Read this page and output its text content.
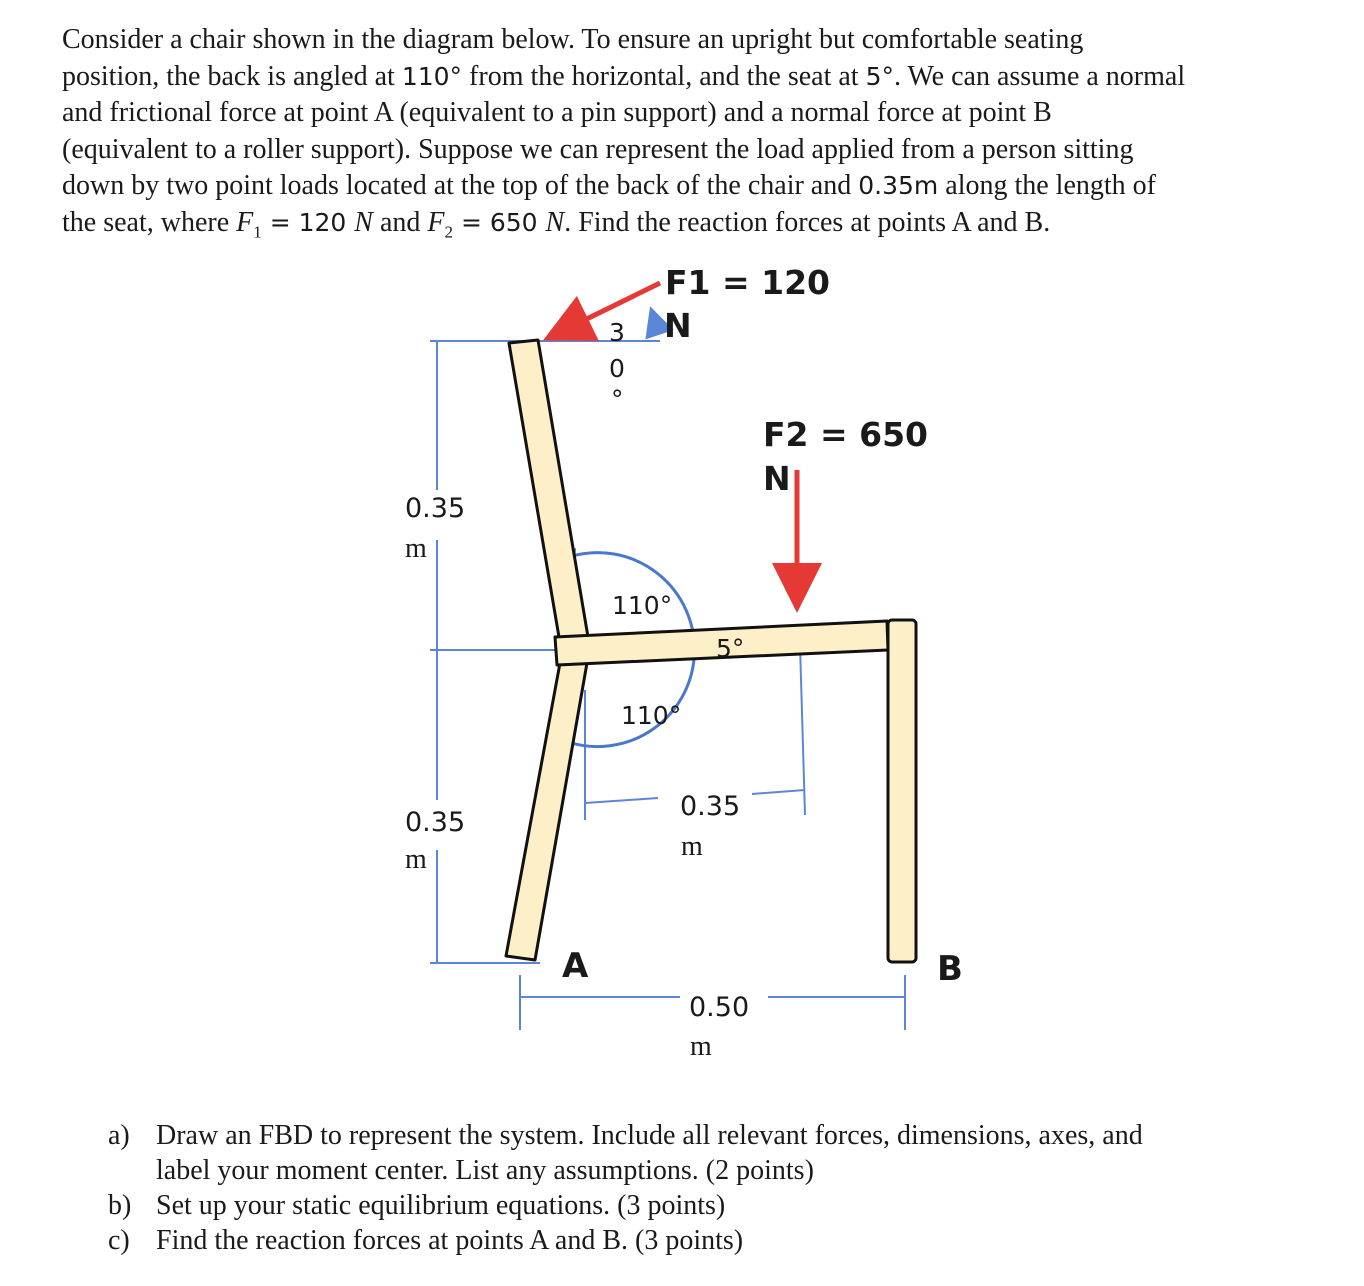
Consider a chair shown in the diagram below. To ensure an upright but comfortable seating
position, the back is angled at 110° from the horizontal, and the seat at 5°. We can assume a normal
and frictional force at point A (equivalent to a pin support) and a normal force at point B
(equivalent to a roller support). Suppose we can represent the load applied from a person sitting
down by two point loads located at the top of the back of the chair and 0.35m along the length of
the seat, where $F_1 = 120$ N and $F_2 = 650$ N. Find the reaction forces at points A and B.
F1 = 120
N
F2 = 650
N
3
0
°
110°
110°
5°
0.35
m
0.35
m
0.35
m
0.50
m
A	B
a) Draw an FBD to represent the system. Include all relevant forces, dimensions, axes, and
label your moment center. List any assumptions. (2 points)
b) Set up your static equilibrium equations. (3 points)
c) Find the reaction forces at points A and B. (3 points)
